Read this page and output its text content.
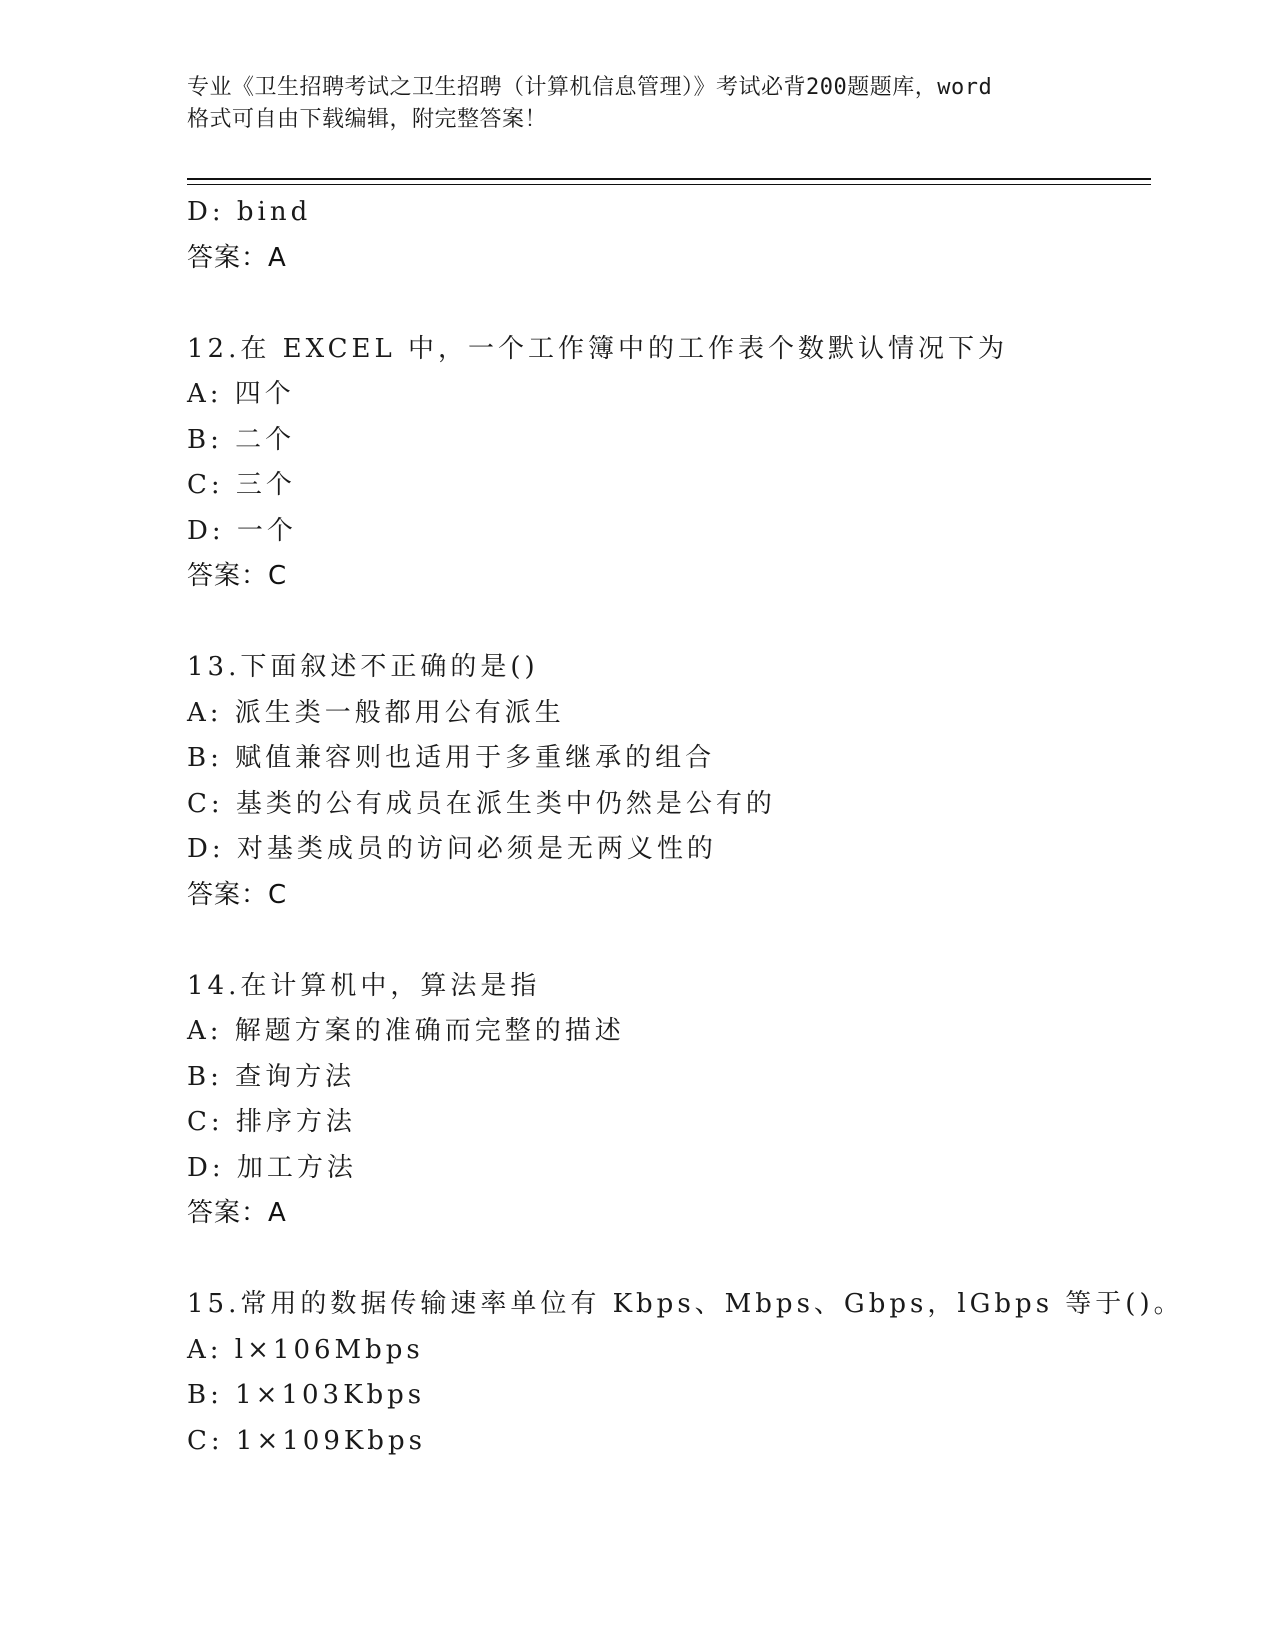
专业《卫生招聘考试之卫生招聘（计算机信息管理）》考试必背200题题库，word
格式可自由下载编辑，附完整答案！
D: bind
答案：A
12.在 EXCEL 中，一个工作簿中的工作表个数默认情况下为
A: 四个
B: 二个
C: 三个
D: 一个
答案：C
13.下面叙述不正确的是()
A: 派生类一般都用公有派生
B: 赋值兼容则也适用于多重继承的组合
C: 基类的公有成员在派生类中仍然是公有的
D: 对基类成员的访问必须是无两义性的
答案：C
14.在计算机中，算法是指
A: 解题方案的准确而完整的描述
B: 查询方法
C: 排序方法
D: 加工方法
答案：A
15.常用的数据传输速率单位有 Kbps、Mbps、Gbps，lGbps 等于()。
A: l×106Mbps
B: 1×103Kbps
C: 1×109Kbps
